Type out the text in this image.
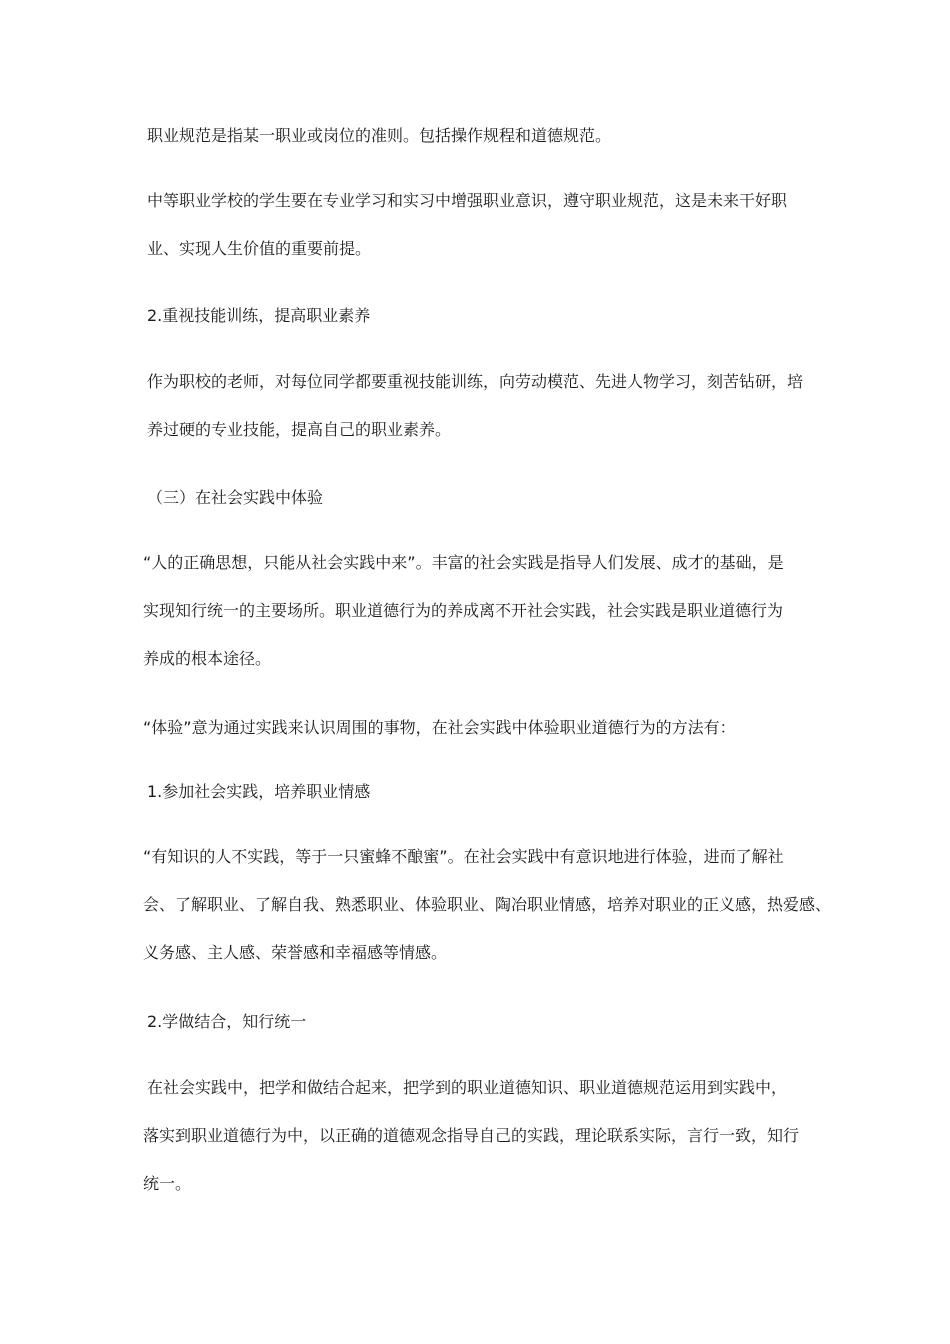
职业规范是指某一职业或岗位的准则。包括操作规程和道德规范。

中等职业学校的学生要在专业学习和实习中增强职业意识，遵守职业规范，这是未来干好职
业、实现人生价值的重要前提。

2.重视技能训练，提高职业素养

作为职校的老师，对每位同学都要重视技能训练，向劳动模范、先进人物学习，刻苦钻研，培
养过硬的专业技能，提高自己的职业素养。

（三）在社会实践中体验

“人的正确思想，只能从社会实践中来”。丰富的社会实践是指导人们发展、成才的基础，是
实现知行统一的主要场所。职业道德行为的养成离不开社会实践，社会实践是职业道德行为
养成的根本途径。

“体验”意为通过实践来认识周围的事物，在社会实践中体验职业道德行为的方法有：

1.参加社会实践，培养职业情感

“有知识的人不实践，等于一只蜜蜂不酿蜜”。在社会实践中有意识地进行体验，进而了解社
会、了解职业、了解自我、熟悉职业、体验职业、陶冶职业情感，培养对职业的正义感，热爱感、
义务感、主人感、荣誉感和幸福感等情感。

2.学做结合，知行统一

在社会实践中，把学和做结合起来，把学到的职业道德知识、职业道德规范运用到实践中，
落实到职业道德行为中，以正确的道德观念指导自己的实践，理论联系实际，言行一致，知行
统一。
